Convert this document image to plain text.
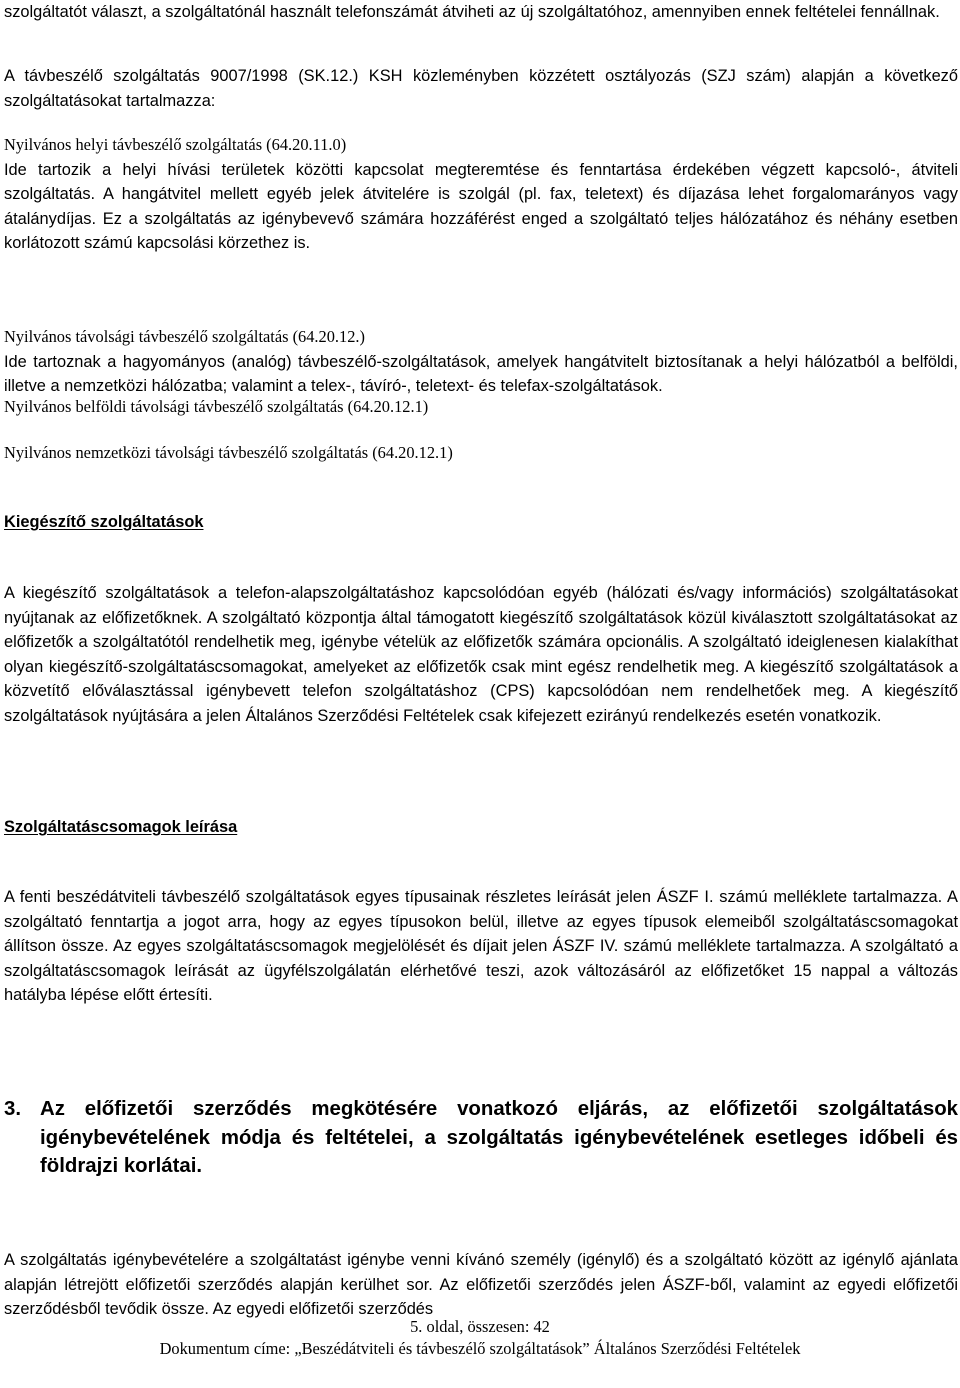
szolgáltatót választ, a szolgáltatónál használt telefonszámát átviheti az új szolgáltatóhoz, amennyiben ennek feltételei fennállnak.

A távbeszélő szolgáltatás 9007/1998 (SK.12.) KSH közleményben közzétett osztályozás (SZJ szám) alapján a következő szolgáltatásokat tartalmazza:

Nyilvános helyi távbeszélő szolgáltatás (64.20.11.0)

Ide tartozik a helyi hívási területek közötti kapcsolat megteremtése és fenntartása érdekében végzett kapcsoló-, átviteli szolgáltatás. A hangátvitel mellett egyéb jelek átvitelére is szolgál (pl. fax, teletext) és díjazása lehet forgalomarányos vagy átalánydíjas. Ez a szolgáltatás az igénybevevő számára hozzáférést enged a szolgáltató teljes hálózatához és néhány esetben korlátozott számú kapcsolási körzethez is.

Nyilvános távolsági távbeszélő szolgáltatás (64.20.12.)

Ide tartoznak a hagyományos (analóg) távbeszélő-szolgáltatások, amelyek hangátvitelt biztosítanak a helyi hálózatból a belföldi, illetve a nemzetközi hálózatba; valamint a telex-, távíró-, teletext- és telefax-szolgáltatások.

Nyilvános belföldi távolsági távbeszélő szolgáltatás (64.20.12.1)
Nyilvános nemzetközi távolsági távbeszélő szolgáltatás (64.20.12.1)

Kiegészítő szolgáltatások

A kiegészítő szolgáltatások a telefon-alapszolgáltatáshoz kapcsolódóan egyéb (hálózati és/vagy információs) szolgáltatásokat nyújtanak az előfizetőknek. A szolgáltató központja által támogatott kiegészítő szolgáltatások közül kiválasztott szolgáltatásokat az előfizetők a szolgáltatótól rendelhetik meg, igénybe vételük az előfizetők számára opcionális. A szolgáltató ideiglenesen kialakíthat olyan kiegészítő-szolgáltatáscsomagokat, amelyeket az előfizetők csak mint egész rendelhetik meg. A kiegészítő szolgáltatások a közvetítő előválasztással igénybevett telefon szolgáltatáshoz (CPS) kapcsolódóan nem rendelhetőek meg. A kiegészítő szolgáltatások nyújtására a jelen Általános Szerződési Feltételek csak kifejezett ezirányú rendelkezés esetén vonatkozik.

Szolgáltatáscsomagok leírása

A fenti beszédátviteli távbeszélő szolgáltatások egyes típusainak részletes leírását jelen ÁSZF I. számú melléklete tartalmazza. A szolgáltató fenntartja a jogot arra, hogy az egyes típusokon belül, illetve az egyes típusok elemeiből szolgáltatáscsomagokat állítson össze. Az egyes szolgáltatáscsomagok megjelölését és díjait jelen ÁSZF IV. számú melléklete tartalmazza. A szolgáltató a szolgáltatáscsomagok leírását az ügyfélszolgálatán elérhetővé teszi, azok változásáról az előfizetőket 15 nappal a változás hatályba lépése előtt értesíti.

3. Az előfizetői szerződés megkötésére vonatkozó eljárás, az előfizetői szolgáltatások igénybevételének módja és feltételei, a szolgáltatás igénybevételének esetleges időbeli és földrajzi korlátai.

A szolgáltatás igénybevételére a szolgáltatást igénybe venni kívánó személy (igénylő) és a szolgáltató között az igénylő ajánlata alapján létrejött előfizetői szerződés alapján kerülhet sor. Az előfizetői szerződés jelen ÁSZF-ből, valamint az egyedi előfizetői szerződésből tevődik össze. Az egyedi előfizetői szerződés

5. oldal, összesen: 42
Dokumentum címe: „Beszédátviteli és távbeszélő szolgáltatások” Általános Szerződési Feltételek
